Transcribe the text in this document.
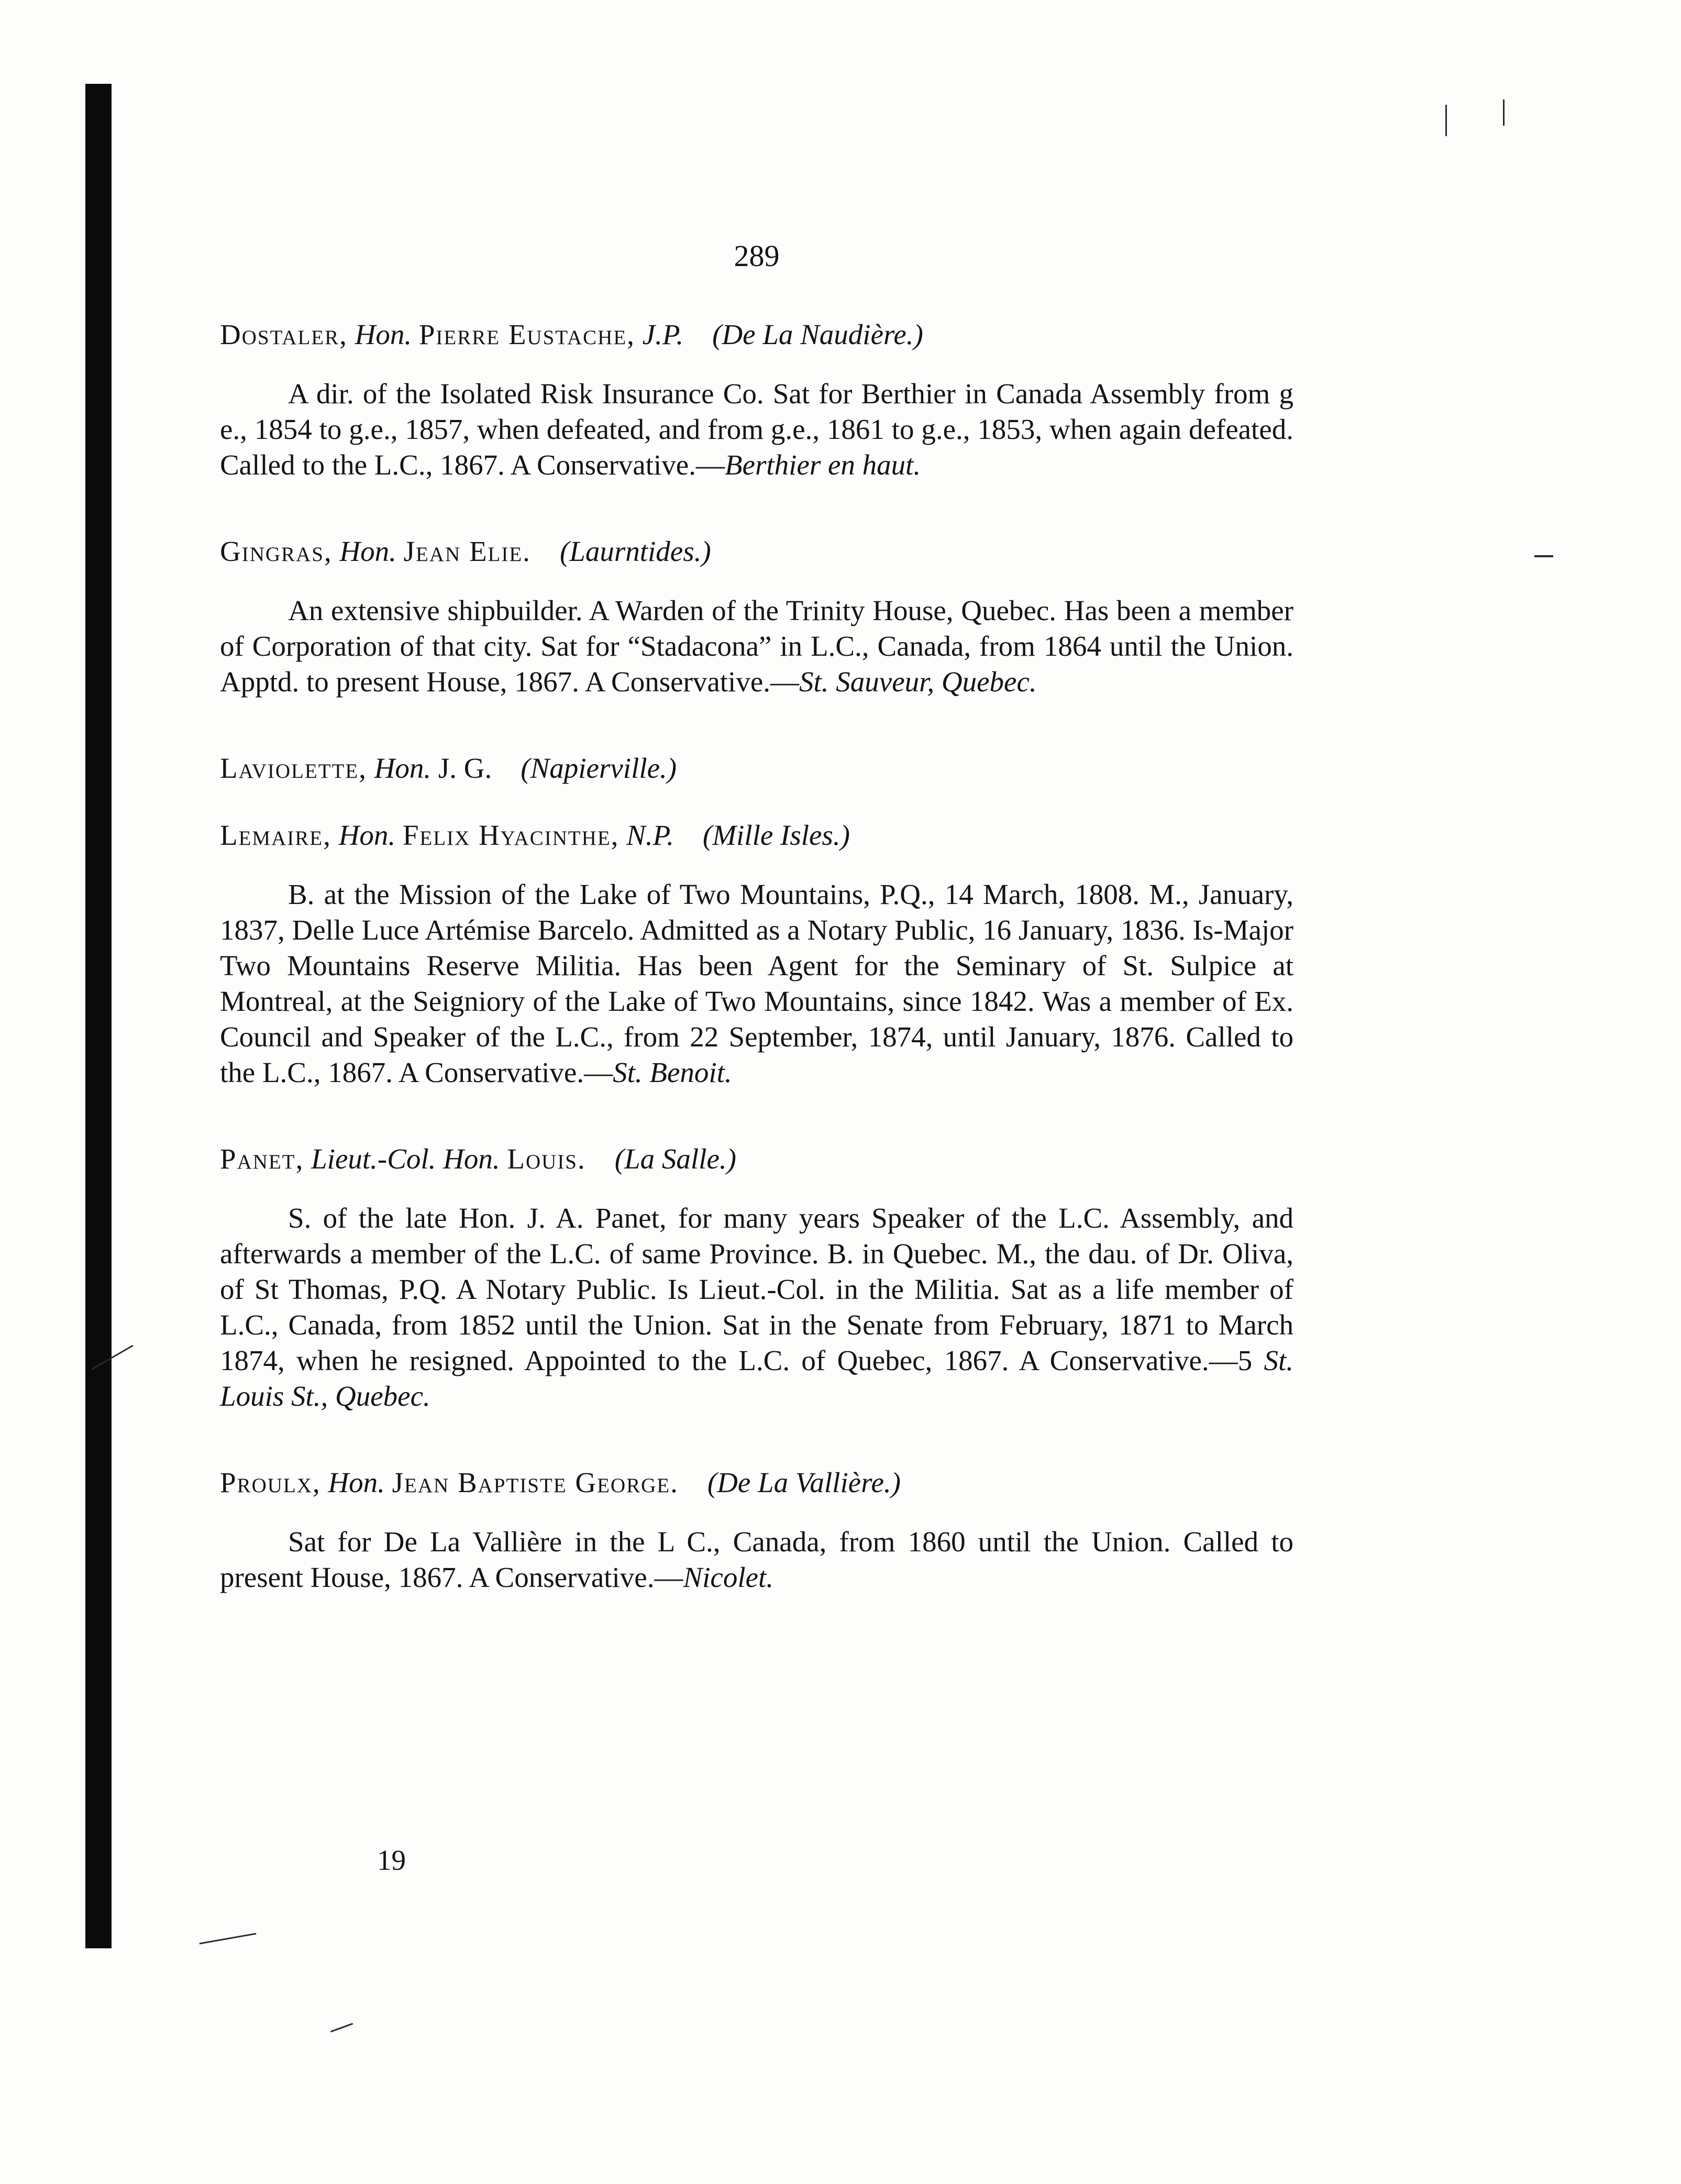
289
Dostaler, Hon. Pierre Eustache, J.P. (De La Naudière.)

A dir. of the Isolated Risk Insurance Co. Sat for Berthier in Canada Assembly from g e., 1854 to g.e., 1857, when defeated, and from g.e., 1861 to g.e., 1853, when again defeated. Called to the L.C., 1867. A Conservative.—Berthier en haut.

Gingras, Hon. Jean Elie. (Laurntides.)

An extensive shipbuilder. A Warden of the Trinity House, Quebec. Has been a member of Corporation of that city. Sat for “Stadacona” in L.C., Canada, from 1864 until the Union. Apptd. to present House, 1867. A Conservative.—St. Sauveur, Quebec.

Laviolette, Hon. J. G. (Napierville.)
Lemaire, Hon. Felix Hyacinthe, N.P. (Mille Isles.)

B. at the Mission of the Lake of Two Mountains, P.Q., 14 March, 1808. M., January, 1837, Delle Luce Artémise Barcelo. Admitted as a Notary Public, 16 January, 1836. Is-Major Two Mountains Reserve Militia. Has been Agent for the Seminary of St. Sulpice at Montreal, at the Seigniory of the Lake of Two Mountains, since 1842. Was a member of Ex. Council and Speaker of the L.C., from 22 September, 1874, until January, 1876. Called to the L.C., 1867. A Conservative.—St. Benoit.

Panet, Lieut.-Col. Hon. Louis. (La Salle.)

S. of the late Hon. J. A. Panet, for many years Speaker of the L.C. Assembly, and afterwards a member of the L.C. of same Province. B. in Quebec. M., the dau. of Dr. Oliva, of St Thomas, P.Q. A Notary Public. Is Lieut.-Col. in the Militia. Sat as a life member of L.C., Canada, from 1852 until the Union. Sat in the Senate from February, 1871 to March 1874, when he resigned. Appointed to the L.C. of Quebec, 1867. A Conservative.—5 St. Louis St., Quebec.

Proulx, Hon. Jean Baptiste George. (De La Vallière.)

Sat for De La Vallière in the L C., Canada, from 1860 until the Union. Called to present House, 1867. A Conservative.—Nicolet.

19
